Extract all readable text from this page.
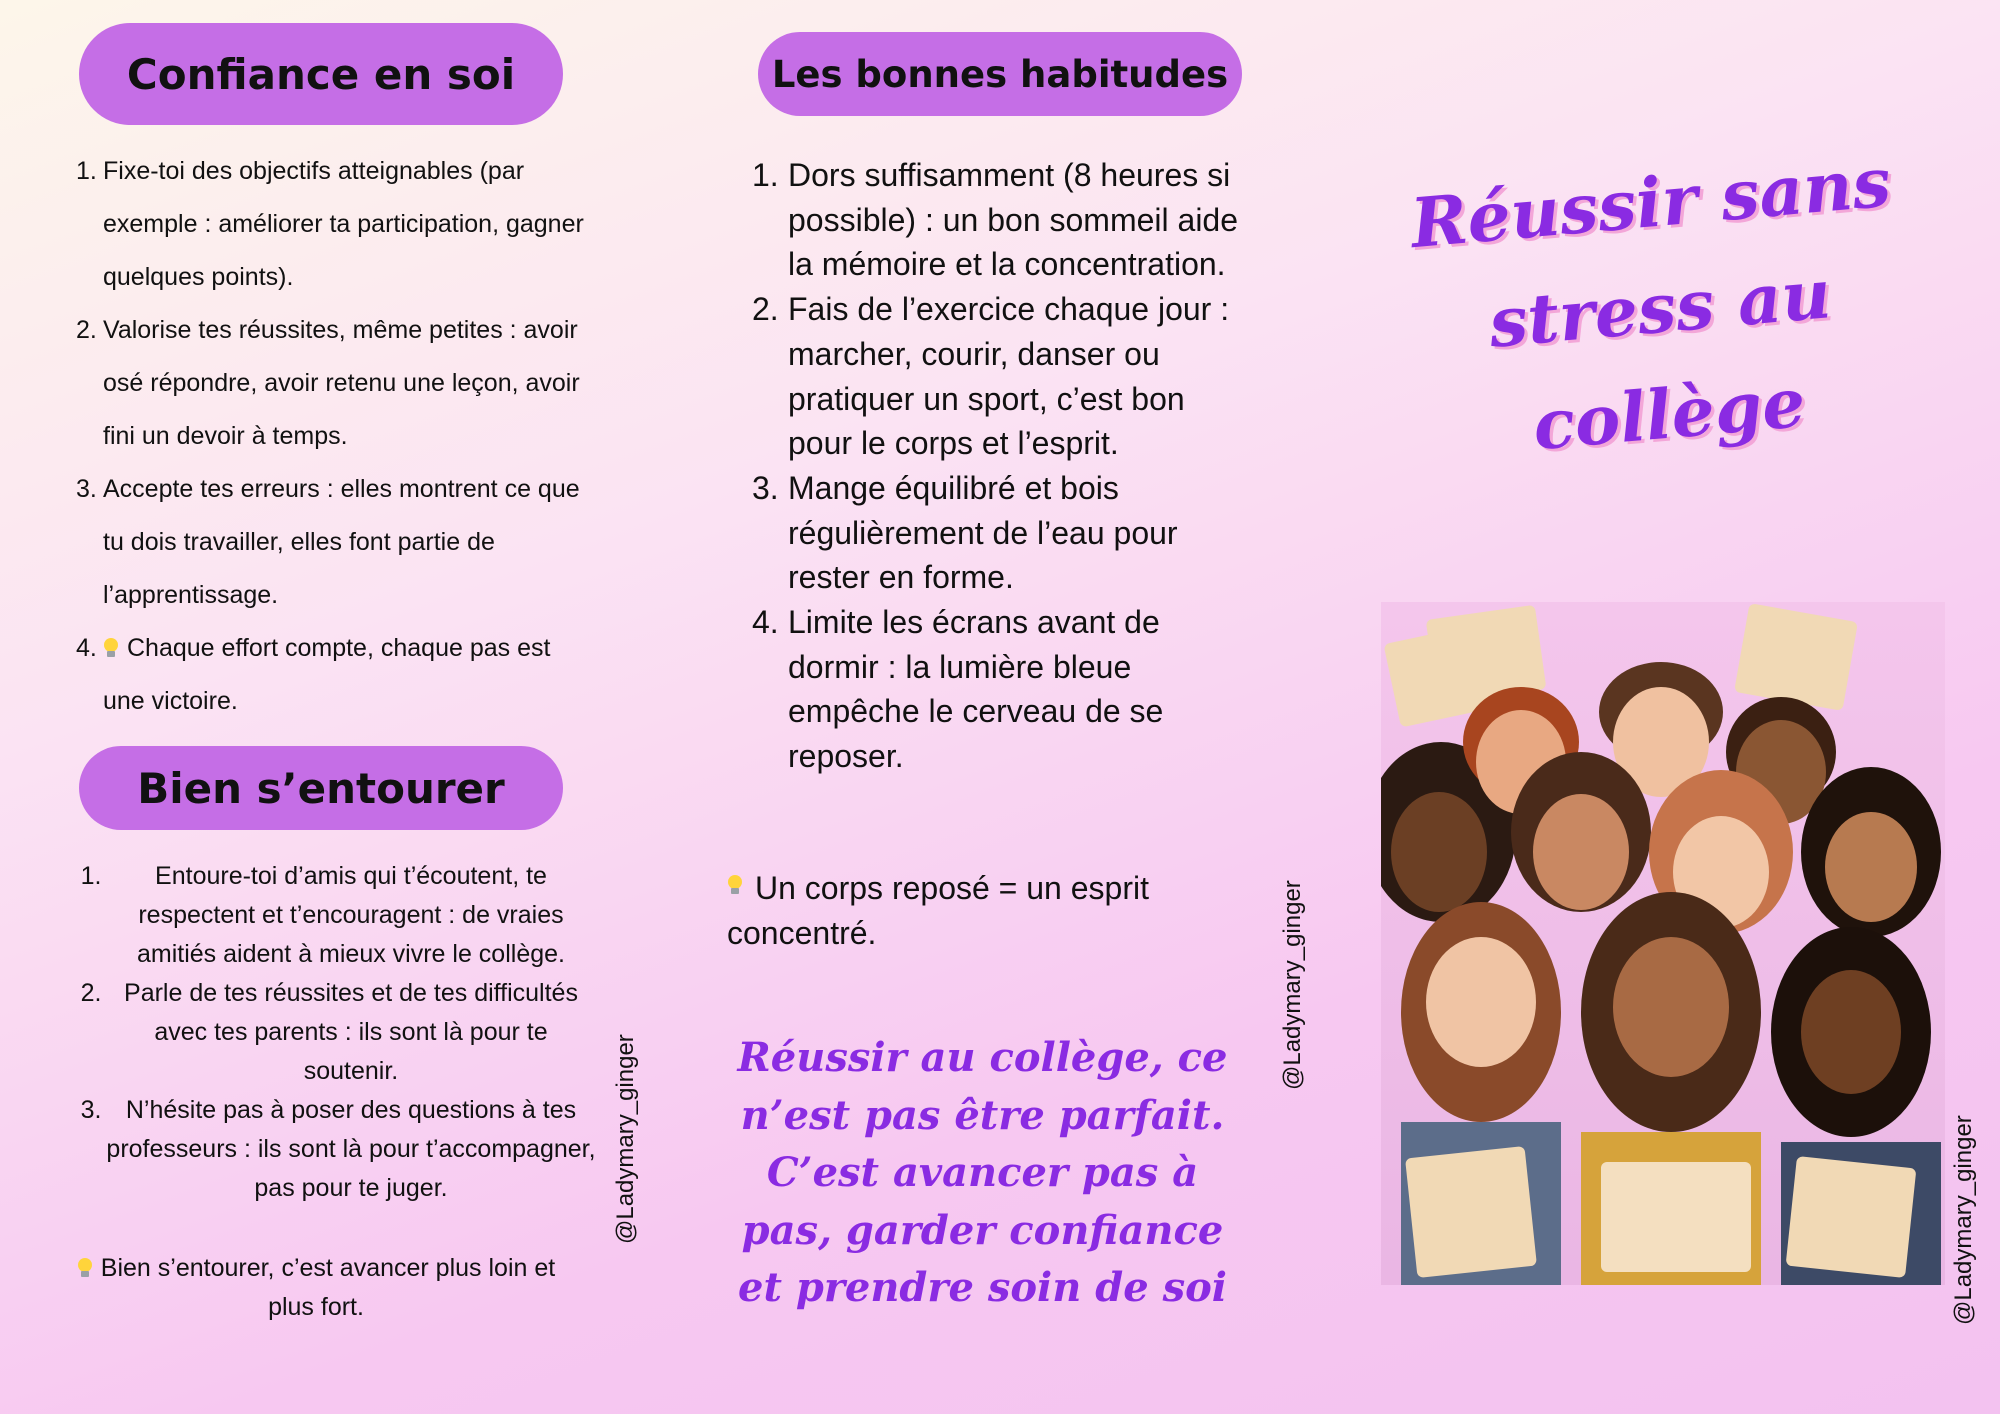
Confiance en soi
1. Fixe-toi des objectifs atteignables (par exemple : améliorer ta participation, gagner quelques points).
2. Valorise tes réussites, même petites : avoir osé répondre, avoir retenu une leçon, avoir fini un devoir à temps.
3. Accepte tes erreurs : elles montrent ce que tu dois travailler, elles font partie de l’apprentissage.
4.	Chaque effort compte, chaque pas est une victoire.
Bien s’entourer
1.	Entoure-toi d’amis qui t’écoutent, te respectent et t’encouragent : de vraies amitiés aident à mieux vivre le collège.
2. Parle de tes réussites et de tes difficultés avec tes parents : ils sont là pour te soutenir.
3. N’hésite pas à poser des questions à tes professeurs : ils sont là pour t’accompagner, pas pour te juger.
Bien s’entourer, c’est avancer plus loin et plus fort.
@Ladymary_ginger
Les bonnes habitudes
1. Dors suffisamment (8 heures si possible) : un bon sommeil aide la mémoire et la concentration.
2. Fais de l’exercice chaque jour : marcher, courir, danser ou pratiquer un sport, c’est bon pour le corps et l’esprit.
3. Mange équilibré et bois régulièrement de l’eau pour rester en forme.
4. Limite les écrans avant de dormir : la lumière bleue empêche le cerveau de se reposer.
Un corps reposé = un esprit concentré.
Réussir au collège, ce n’est pas être parfait. C’est avancer pas à pas, garder confiance et prendre soin de soi
@Ladymary_ginger
Réussir sans stress au collège
@Ladymary_ginger
